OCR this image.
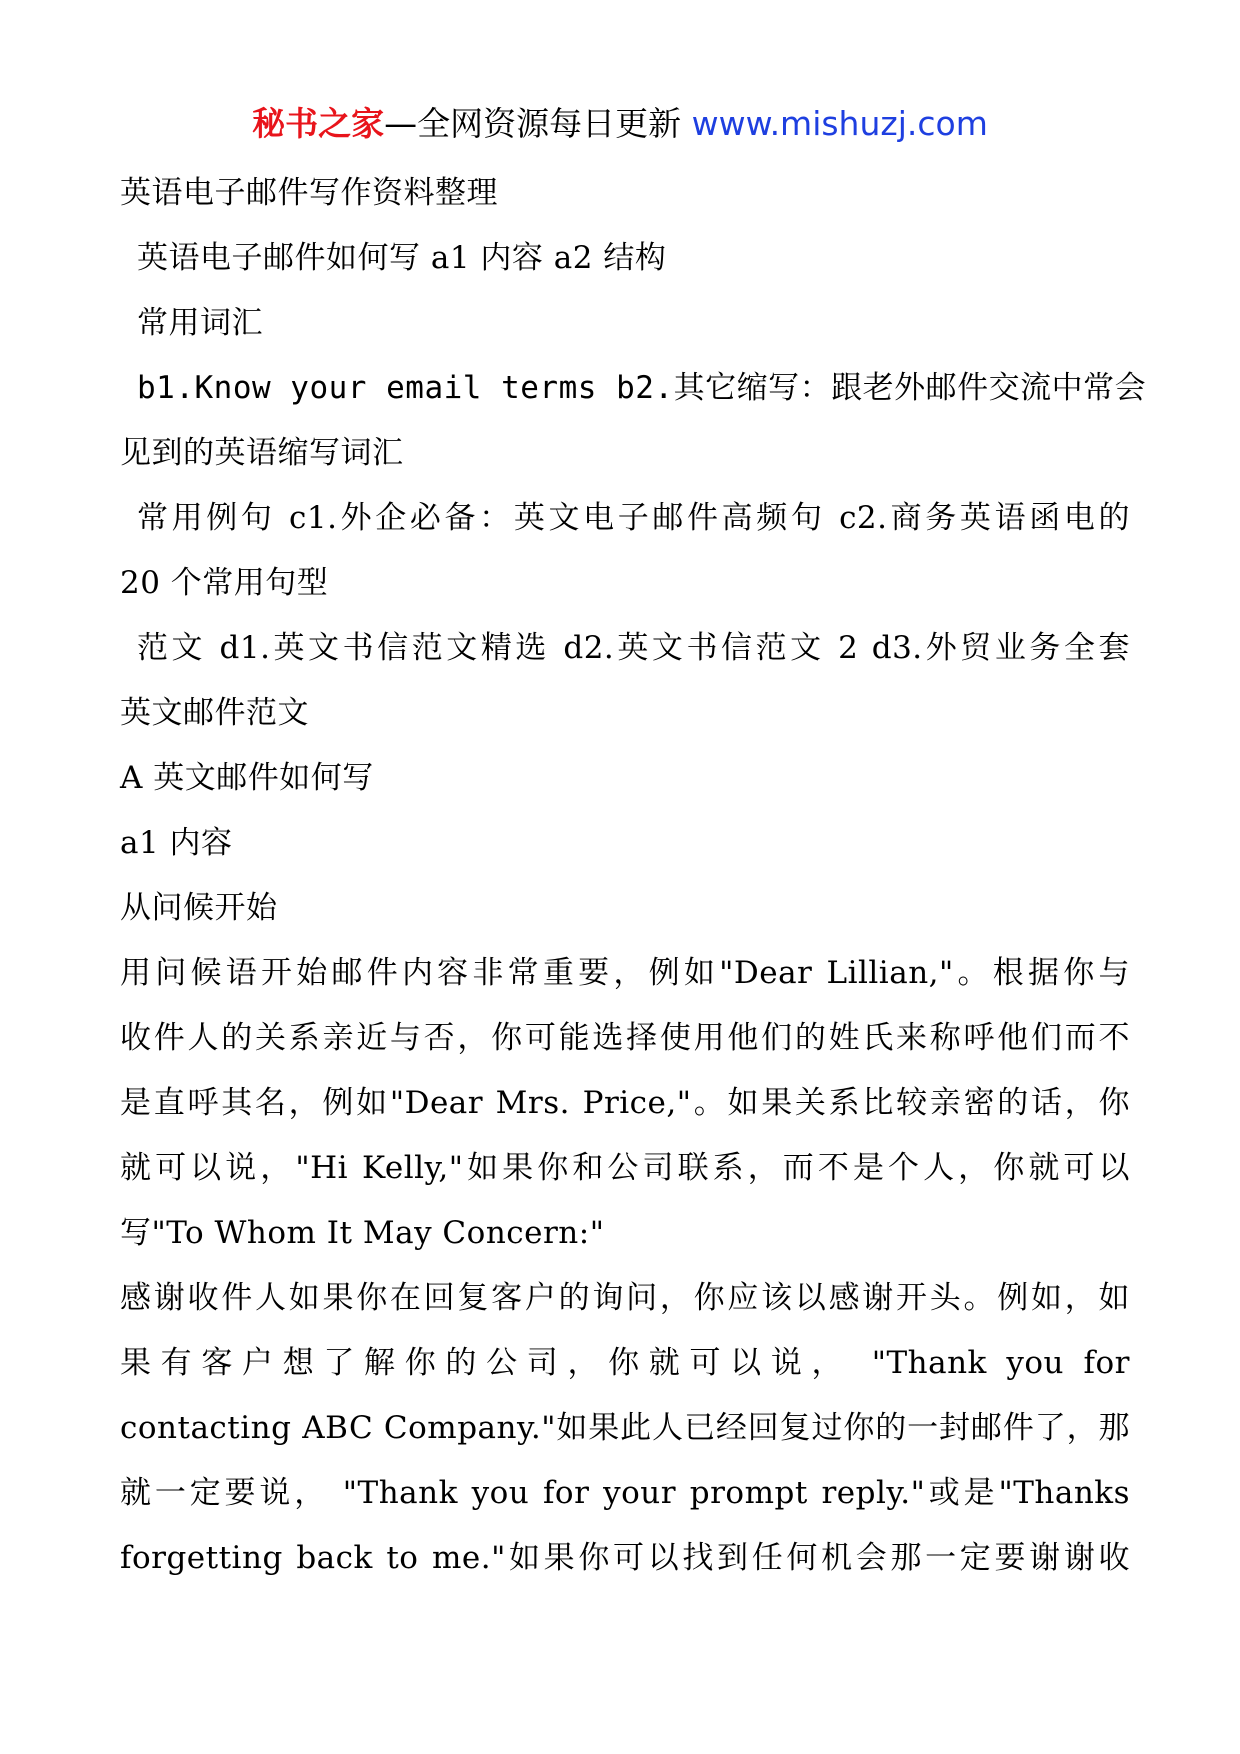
秘书之家—全网资源每日更新 www.mishuzj.com
英语电子邮件写作资料整理
英语电子邮件如何写 a1 内容 a2 结构
常用词汇
b1.Know your email terms b2.其它缩写：跟老外邮件交流中常会
见到的英语缩写词汇
常用例句 c1.外企必备：英文电子邮件高频句 c2.商务英语函电的
20 个常用句型
范文 d1.英文书信范文精选 d2.英文书信范文 2 d3.外贸业务全套
英文邮件范文
A 英文邮件如何写
a1 内容
从问候开始
用问候语开始邮件内容非常重要，例如"Dear Lillian,"。根据你与
收件人的关系亲近与否，你可能选择使用他们的姓氏来称呼他们而不
是直呼其名，例如"Dear Mrs. Price,"。如果关系比较亲密的话，你
就可以说，"Hi Kelly,"如果你和公司联系，而不是个人，你就可以
写"To Whom It May Concern:"
感谢收件人如果你在回复客户的询问，你应该以感谢开头。例如，如
果有客户想了解你的公司，你就可以说， "Thank you for
contacting ABC Company."如果此人已经回复过你的一封邮件了，那
就一定要说， "Thank you for your prompt reply."或是"Thanks
forgetting back to me."如果你可以找到任何机会那一定要谢谢收
